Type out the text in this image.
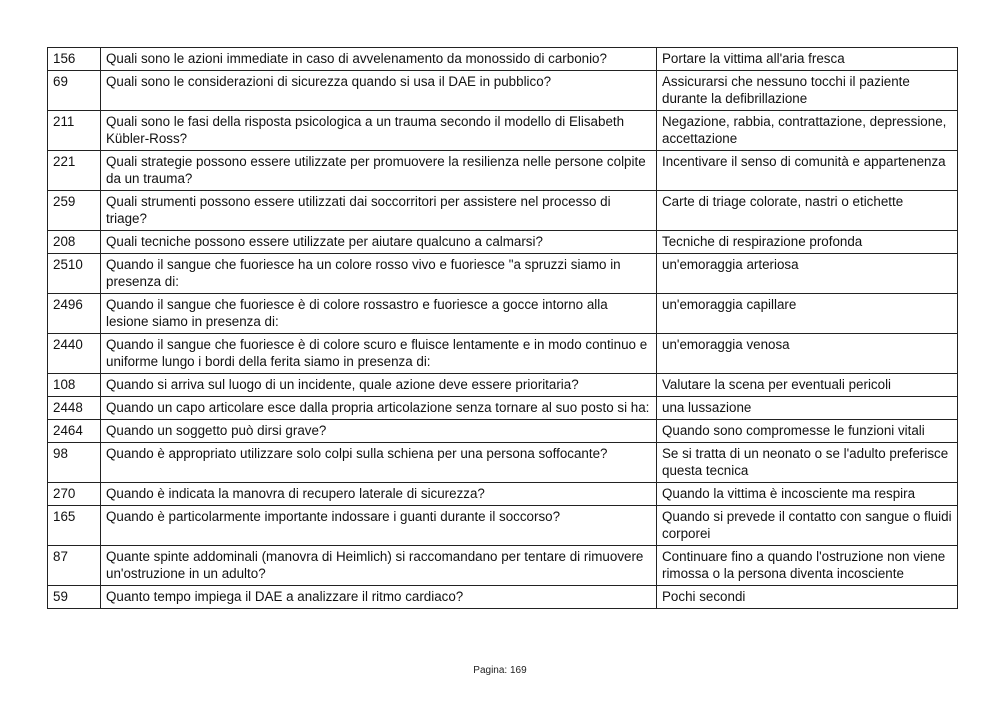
156	Quali sono le azioni immediate in caso di avvelenamento da monossido di carbonio?	Portare la vittima all'aria fresca
69	Quali sono le considerazioni di sicurezza quando si usa il DAE in pubblico?	Assicurarsi che nessuno tocchi il paziente durante la defibrillazione
211	Quali sono le fasi della risposta psicologica a un trauma secondo il modello di Elisabeth Kübler-Ross?	Negazione, rabbia, contrattazione, depressione, accettazione
221	Quali strategie possono essere utilizzate per promuovere la resilienza nelle persone colpite da un trauma?	Incentivare il senso di comunità e appartenenza
259	Quali strumenti possono essere utilizzati dai soccorritori per assistere nel processo di triage?	Carte di triage colorate, nastri o etichette
208	Quali tecniche possono essere utilizzate per aiutare qualcuno a calmarsi?	Tecniche di respirazione profonda
2510	Quando il sangue che fuoriesce ha un colore rosso vivo e fuoriesce "a spruzzi siamo in presenza di:	un'emoraggia arteriosa
2496	Quando il sangue che fuoriesce è di colore rossastro e fuoriesce a gocce intorno alla lesione siamo in presenza di:	un'emoraggia capillare
2440	Quando il sangue che fuoriesce è di colore scuro e fluisce lentamente e in modo continuo e uniforme lungo i bordi della ferita siamo in presenza di:	un'emoraggia venosa
108	Quando si arriva sul luogo di un incidente, quale azione deve essere prioritaria?	Valutare la scena per eventuali pericoli
2448	Quando un capo articolare esce dalla propria articolazione senza tornare al suo posto si ha:	una lussazione
2464	Quando un soggetto può dirsi grave?	Quando sono compromesse le funzioni vitali
98	Quando è appropriato utilizzare solo colpi sulla schiena per una persona soffocante?	Se si tratta di un neonato o se l'adulto preferisce questa tecnica
270	Quando è indicata la manovra di recupero laterale di sicurezza?	Quando la vittima è incosciente ma respira
165	Quando è particolarmente importante indossare i guanti durante il soccorso?	Quando si prevede il contatto con sangue o fluidi corporei
87	Quante spinte addominali (manovra di Heimlich) si raccomandano per tentare di rimuovere un'ostruzione in un adulto?	Continuare fino a quando l'ostruzione non viene rimossa o la persona diventa incosciente
59	Quanto tempo impiega il DAE a analizzare il ritmo cardiaco?	Pochi secondi
Pagina: 169
